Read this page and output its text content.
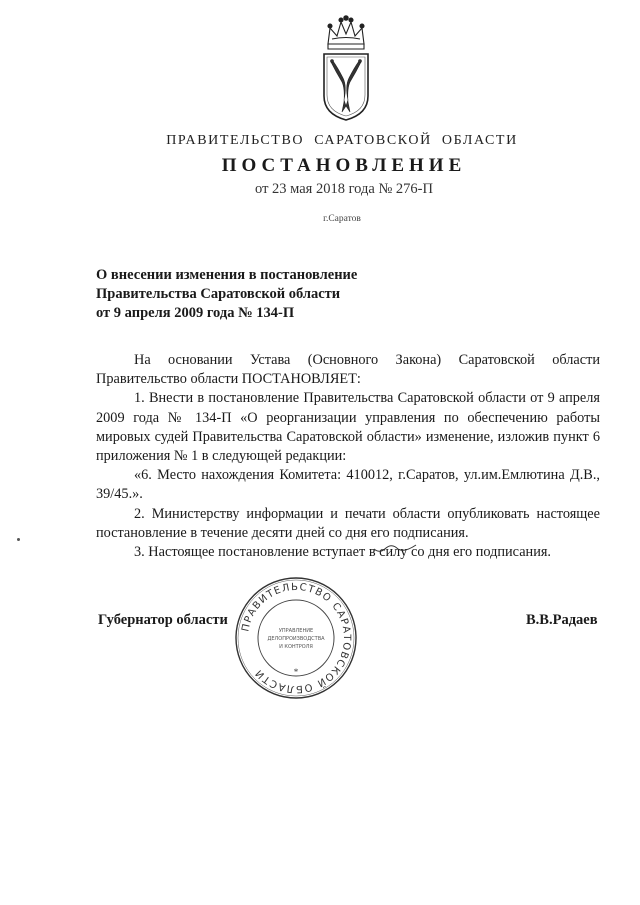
ПРАВИТЕЛЬСТВО САРАТОВСКОЙ ОБЛАСТИ
ПОСТАНОВЛЕНИЕ
от 23 мая 2018 года № 276-П
г.Саратов
О внесении изменения в постановление
Правительства Саратовской области
от 9 апреля 2009 года № 134-П

На основании Устава (Основного Закона) Саратовской области Правительство области ПОСТАНОВЛЯЕТ:

1. Внести в постановление Правительства Саратовской области от 9 апреля 2009 года № 134-П «О реорганизации управления по обеспечению работы мировых судей Правительства Саратовской области» изменение, изложив пункт 6 приложения № 1 в следующей редакции:

«6. Место нахождения Комитета: 410012, г.Саратов, ул.им.Емлютина Д.В., 39/45.».

2. Министерству информации и печати области опубликовать настоящее постановление в течение десяти дней со дня его подписания.

3. Настоящее постановление вступает в силу со дня его подписания.

ПРАВИТЕЛЬСТВО САРАТОВСКОЙ ОБЛАСТИ	*
УПРАВЛЕНИЕ
ДЕЛОПРОИЗВОДСТВА
И КОНТРОЛЯ
Губернатор области	В.В.Радаев
